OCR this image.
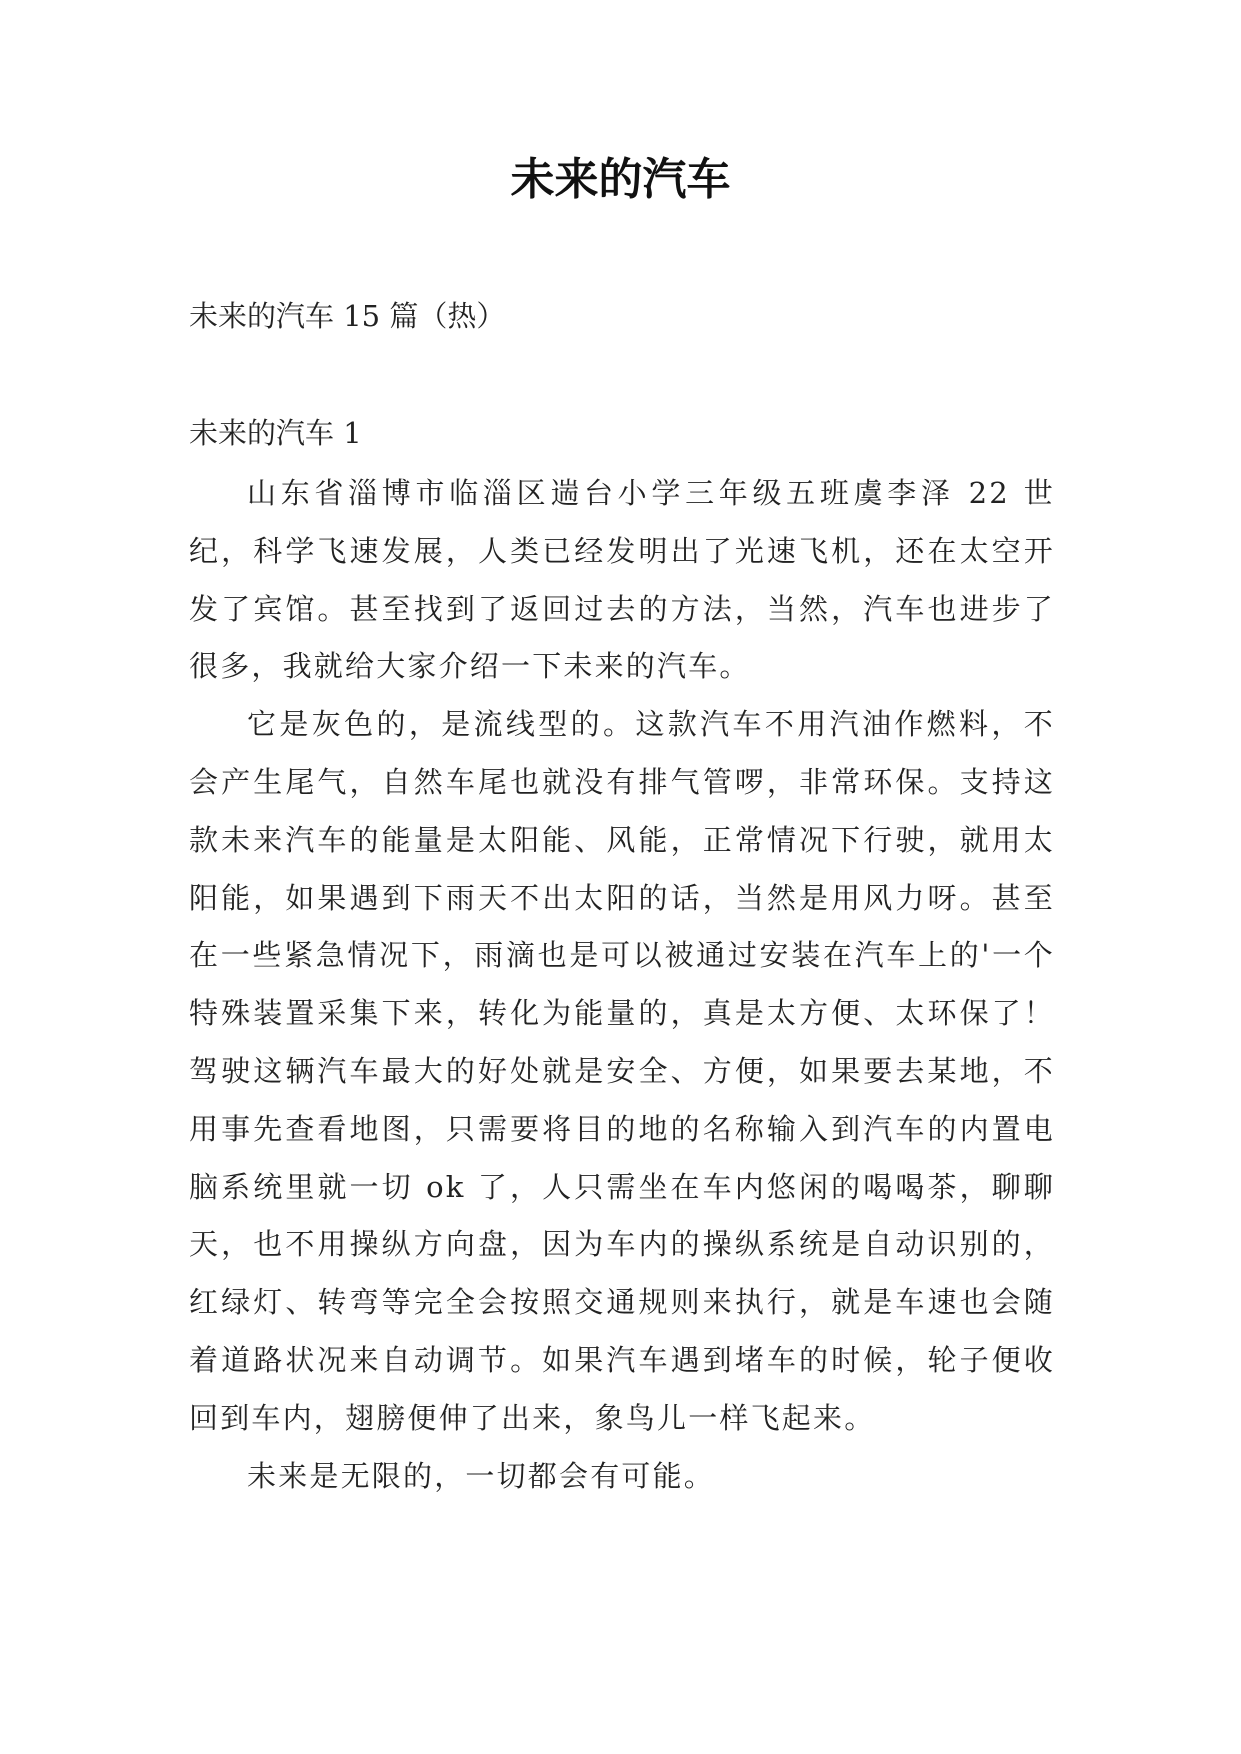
未来的汽车
未来的汽车 15 篇（热）
未来的汽车 1

山东省淄博市临淄区遄台小学三年级五班虞李泽 22 世纪，科学飞速发展，人类已经发明出了光速飞机，还在太空开发了宾馆。甚至找到了返回过去的方法，当然，汽车也进步了很多，我就给大家介绍一下未来的汽车。

它是灰色的，是流线型的。这款汽车不用汽油作燃料，不会产生尾气，自然车尾也就没有排气管啰，非常环保。支持这款未来汽车的能量是太阳能、风能，正常情况下行驶，就用太阳能，如果遇到下雨天不出太阳的话，当然是用风力呀。甚至在一些紧急情况下，雨滴也是可以被通过安装在汽车上的'一个特殊装置采集下来，转化为能量的，真是太方便、太环保了！驾驶这辆汽车最大的好处就是安全、方便，如果要去某地，不用事先查看地图，只需要将目的地的名称输入到汽车的内置电脑系统里就一切 ok 了，人只需坐在车内悠闲的喝喝茶，聊聊天，也不用操纵方向盘，因为车内的操纵系统是自动识别的，红绿灯、转弯等完全会按照交通规则来执行，就是车速也会随着道路状况来自动调节。如果汽车遇到堵车的时候，轮子便收回到车内，翅膀便伸了出来，象鸟儿一样飞起来。

未来是无限的，一切都会有可能。
